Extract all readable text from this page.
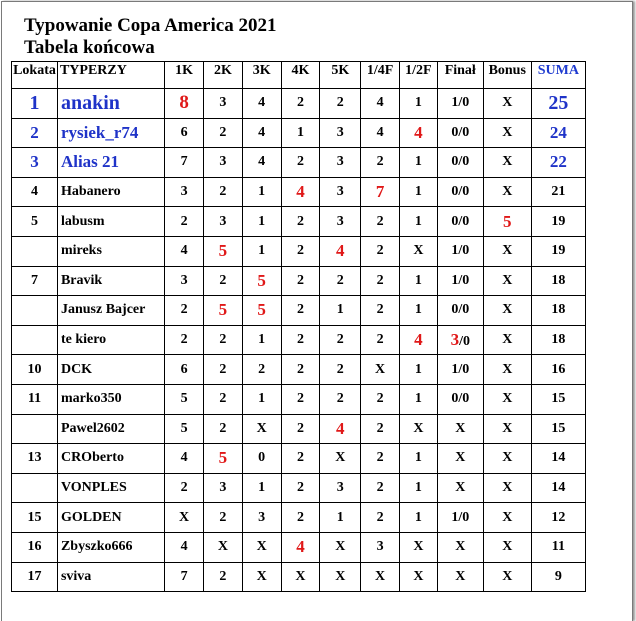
Typowanie Copa America 2021
Tabela końcowa
Lokata	TYPERZY	1K	2K	3K	4K	5K	1/4F	1/2F	Finał	Bonus	SUMA
1	anakin	8	3	4	2	2	4	1	1/0	X	25
2	rysiek_r74	6	2	4	1	3	4	4	0/0	X	24
3	Alias 21	7	3	4	2	3	2	1	0/0	X	22
4	Habanero	3	2	1	4	3	7	1	0/0	X	21
5	labusm	2	3	1	2	3	2	1	0/0	5	19
	mireks	4	5	1	2	4	2	X	1/0	X	19
7	Bravik	3	2	5	2	2	2	1	1/0	X	18
	Janusz Bajcer	2	5	5	2	1	2	1	0/0	X	18
	te kiero	2	2	1	2	2	2	4	3/0	X	18
10	DCK	6	2	2	2	2	X	1	1/0	X	16
11	marko350	5	2	1	2	2	2	1	0/0	X	15
	Pawel2602	5	2	X	2	4	2	X	X	X	15
13	CROberto	4	5	0	2	X	2	1	X	X	14
	VONPLES	2	3	1	2	3	2	1	X	X	14
15	GOLDEN	X	2	3	2	1	2	1	1/0	X	12
16	Zbyszko666	4	X	X	4	X	3	X	X	X	11
17	sviva	7	2	X	X	X	X	X	X	X	9
